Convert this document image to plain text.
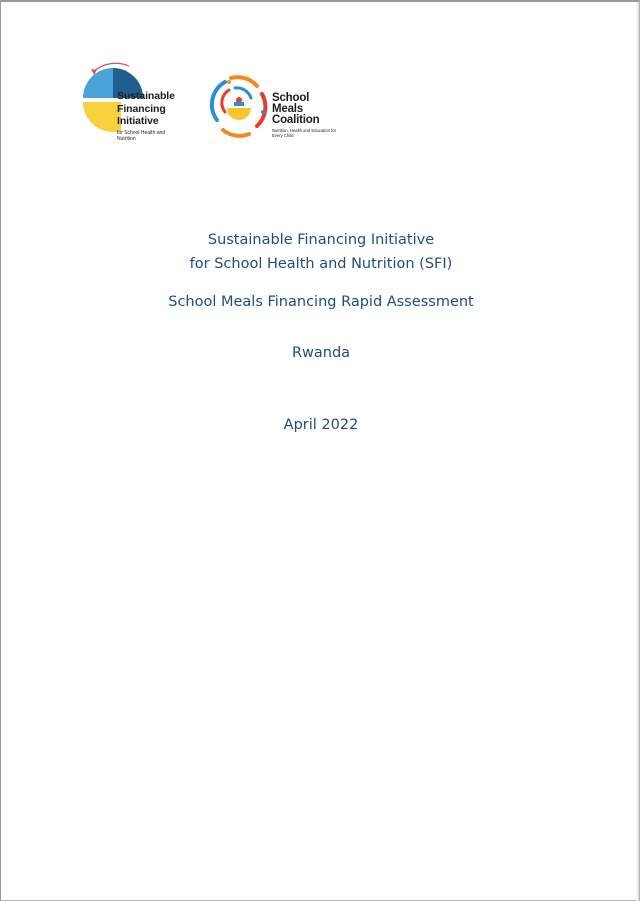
Sustainable
Financing
Initiative
for School Health and Nutrition
School
Meals
Coalition
Nutrition, Health and Education for Every Child
Sustainable Financing Initiative
for School Health and Nutrition (SFI)
School Meals Financing Rapid Assessment
Rwanda
April 2022
